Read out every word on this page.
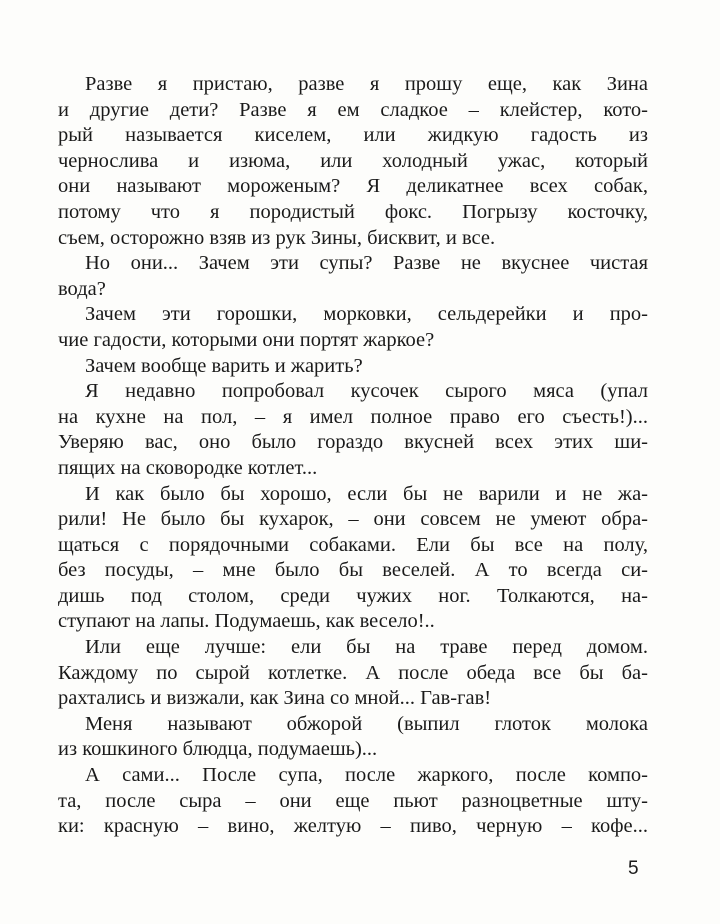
Разве я пристаю, разве я прошу еще, как Зина
и другие дети? Разве я ем сладкое – клейстер, кото-
рый называется киселем, или жидкую гадость из
чернослива и изюма, или холодный ужас, который
они называют мороженым? Я деликатнее всех собак,
потому что я породистый фокс. Погрызу косточку,
съем, осторожно взяв из рук Зины, бисквит, и все.
Но они... Зачем эти супы? Разве не вкуснее чистая
вода?
Зачем эти горошки, морковки, сельдерейки и про-
чие гадости, которыми они портят жаркое?
Зачем вообще варить и жарить?
Я недавно попробовал кусочек сырого мяса (упал
на кухне на пол, – я имел полное право его съесть!)...
Уверяю вас, оно было гораздо вкусней всех этих ши-
пящих на сковородке котлет...
И как было бы хорошо, если бы не варили и не жа-
рили! Не было бы кухарок, – они совсем не умеют обра-
щаться с порядочными собаками. Ели бы все на полу,
без посуды, – мне было бы веселей. А то всегда си-
дишь под столом, среди чужих ног. Толкаются, на-
ступают на лапы. Подумаешь, как весело!..
Или еще лучше: ели бы на траве перед домом.
Каждому по сырой котлетке. А после обеда все бы ба-
рахтались и визжали, как Зина со мной... Гав-гав!
Меня называют обжорой (выпил глоток молока
из кошкиного блюдца, подумаешь)...
А сами... После супа, после жаркого, после компо-
та, после сыра – они еще пьют разноцветные шту-
ки: красную – вино, желтую – пиво, черную – кофе...
5
